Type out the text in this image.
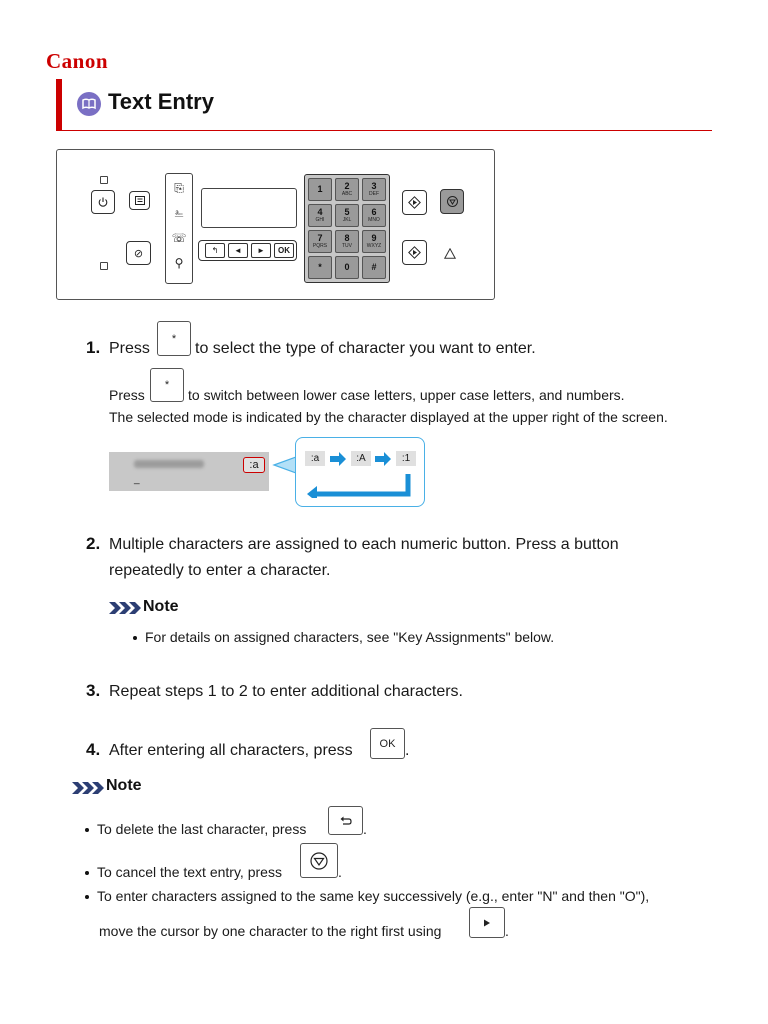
Canon
Text Entry
⊘
⎘
⎁
☏
⚲
↰	◄	►	OK
1 2
ABC
3
DEF
4
GHI
5
JKL
6
MNO
7
PQRS
8
TUV
9
WXYZ
*	0 #
1. Press
*
to select the type of character you want to enter.
Press
*
to switch between lower case letters, upper case letters, and numbers.
The selected mode is indicated by the character displayed at the upper right of the screen.
_
:a
:a	:A	:1
2. Multiple characters are assigned to each numeric button. Press a button
repeatedly to enter a character.
Note
For details on assigned characters, see "Key Assignments" below.
3. Repeat steps 1 to 2 to enter additional characters.
4. After entering all characters, press	OK .
Note
To delete the last character, press	.
To cancel the text entry, press	.
To enter characters assigned to the same key successively (e.g., enter "N" and then "O"),
move the cursor by one character to the right first using	.
